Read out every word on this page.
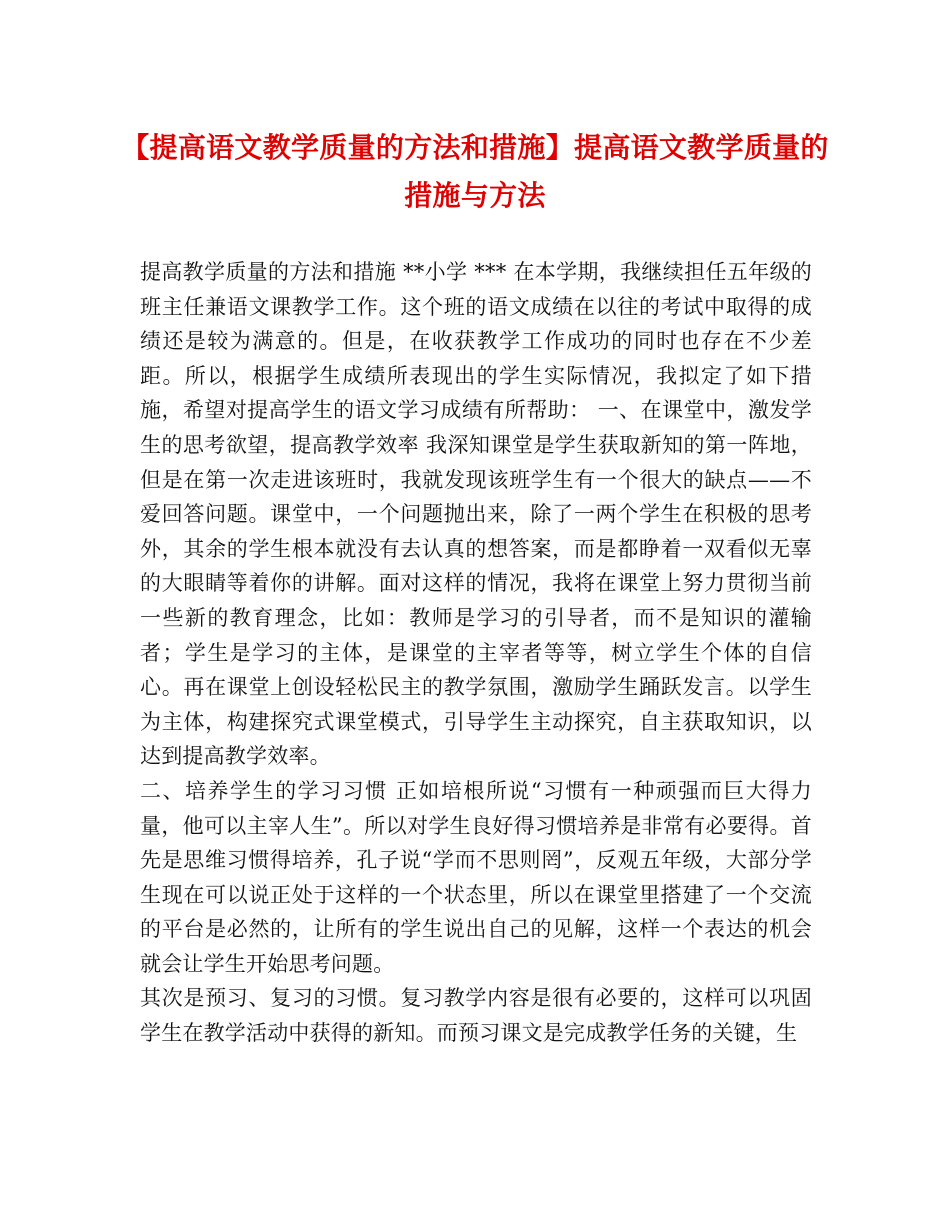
【提高语文教学质量的方法和措施】提高语文教学质量的措施与方法

提高教学质量的方法和措施 **小学 *** 在本学期，我继续担任五年级的班主任兼语文课教学工作。这个班的语文成绩在以往的考试中取得的成绩还是较为满意的。但是，在收获教学工作成功的同时也存在不少差距。所以，根据学生成绩所表现出的学生实际情况，我拟定了如下措施，希望对提高学生的语文学习成绩有所帮助： 一、在课堂中，激发学生的思考欲望，提高教学效率 我深知课堂是学生获取新知的第一阵地，但是在第一次走进该班时，我就发现该班学生有一个很大的缺点——不爱回答问题。课堂中，一个问题抛出来，除了一两个学生在积极的思考外，其余的学生根本就没有去认真的想答案，而是都睁着一双看似无辜的大眼睛等着你的讲解。面对这样的情况，我将在课堂上努力贯彻当前一些新的教育理念，比如：教师是学习的引导者，而不是知识的灌输者；学生是学习的主体，是课堂的主宰者等等，树立学生个体的自信心。再在课堂上创设轻松民主的教学氛围，激励学生踊跃发言。以学生为主体，构建探究式课堂模式，引导学生主动探究，自主获取知识，以达到提高教学效率。

二、培养学生的学习习惯 正如培根所说“习惯有一种顽强而巨大得力量，他可以主宰人生”。所以对学生良好得习惯培养是非常有必要得。首先是思维习惯得培养，孔子说“学而不思则罔”，反观五年级，大部分学生现在可以说正处于这样的一个状态里，所以在课堂里搭建了一个交流的平台是必然的，让所有的学生说出自己的见解，这样一个表达的机会就会让学生开始思考问题。

其次是预习、复习的习惯。复习教学内容是很有必要的，这样可以巩固学生在教学活动中获得的新知。而预习课文是完成教学任务的关键，生
